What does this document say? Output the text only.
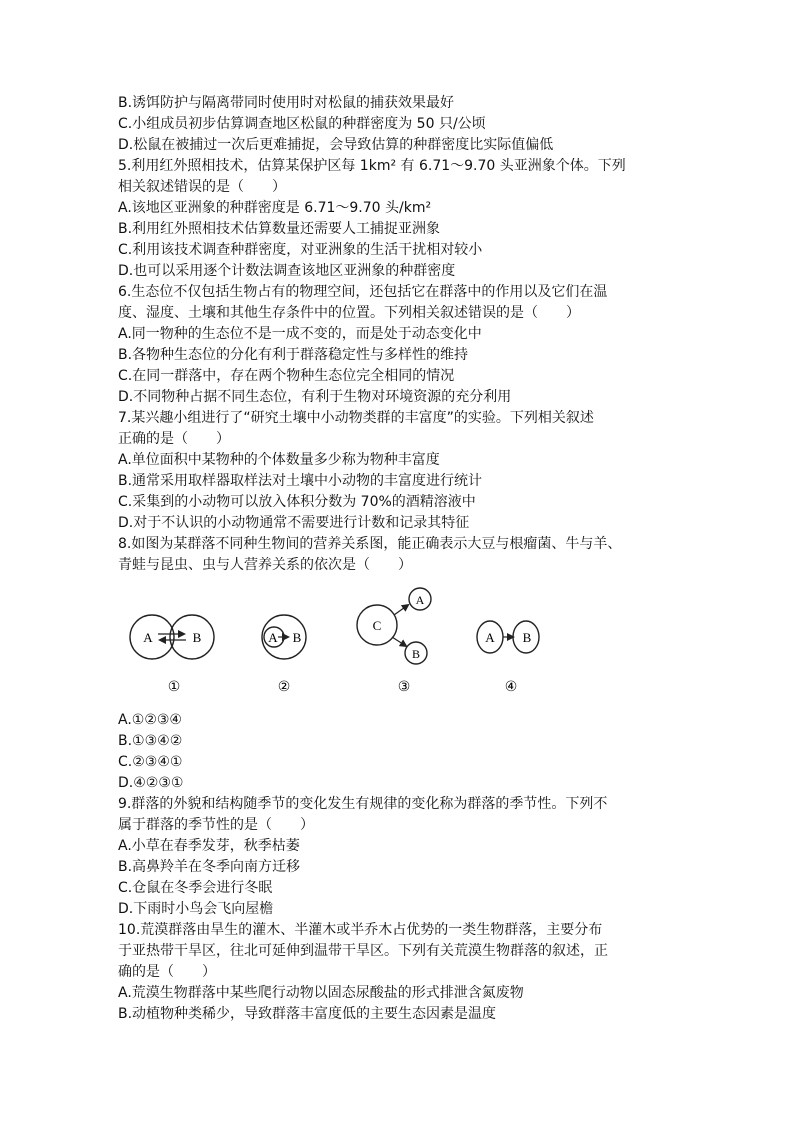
B.诱饵防护与隔离带同时使用时对松鼠的捕获效果最好
C.小组成员初步估算调查地区松鼠的种群密度为 50 只/公顷
D.松鼠在被捕过一次后更难捕捉，会导致估算的种群密度比实际值偏低
5.利用红外照相技术，估算某保护区每 1km² 有 6.71～9.70 头亚洲象个体。下列
相关叙述错误的是（　　）
A.该地区亚洲象的种群密度是 6.71～9.70 头/km²
B.利用红外照相技术估算数量还需要人工捕捉亚洲象
C.利用该技术调查种群密度，对亚洲象的生活干扰相对较小
D.也可以采用逐个计数法调查该地区亚洲象的种群密度
6.生态位不仅包括生物占有的物理空间，还包括它在群落中的作用以及它们在温
度、湿度、土壤和其他生存条件中的位置。下列相关叙述错误的是（　　）
A.同一物种的生态位不是一成不变的，而是处于动态变化中
B.各物种生态位的分化有利于群落稳定性与多样性的维持
C.在同一群落中，存在两个物种生态位完全相同的情况
D.不同物种占据不同生态位，有利于生物对环境资源的充分利用
7.某兴趣小组进行了“研究土壤中小动物类群的丰富度”的实验。下列相关叙述
正确的是（　　）
A.单位面积中某物种的个体数量多少称为物种丰富度
B.通常采用取样器取样法对土壤中小动物的丰富度进行统计
C.采集到的小动物可以放入体积分数为 70%的酒精溶液中
D.对于不认识的小动物通常不需要进行计数和记录其特征
8.如图为某群落不同种生物间的营养关系图，能正确表示大豆与根瘤菌、牛与羊、
青蛙与昆虫、虫与人营养关系的依次是（　　）
A	B
①
A B
②
C
A
B
③
A B
④
A.①②③④
B.①③④②
C.②③④①
D.④②③①
9.群落的外貌和结构随季节的变化发生有规律的变化称为群落的季节性。下列不
属于群落的季节性的是（　　）
A.小草在春季发芽，秋季枯萎
B.高鼻羚羊在冬季向南方迁移
C.仓鼠在冬季会进行冬眠
D.下雨时小鸟会飞向屋檐
10.荒漠群落由旱生的灌木、半灌木或半乔木占优势的一类生物群落，主要分布
于亚热带干旱区，往北可延伸到温带干旱区。下列有关荒漠生物群落的叙述，正
确的是（　　）
A.荒漠生物群落中某些爬行动物以固态尿酸盐的形式排泄含氮废物
B.动植物种类稀少，导致群落丰富度低的主要生态因素是温度
